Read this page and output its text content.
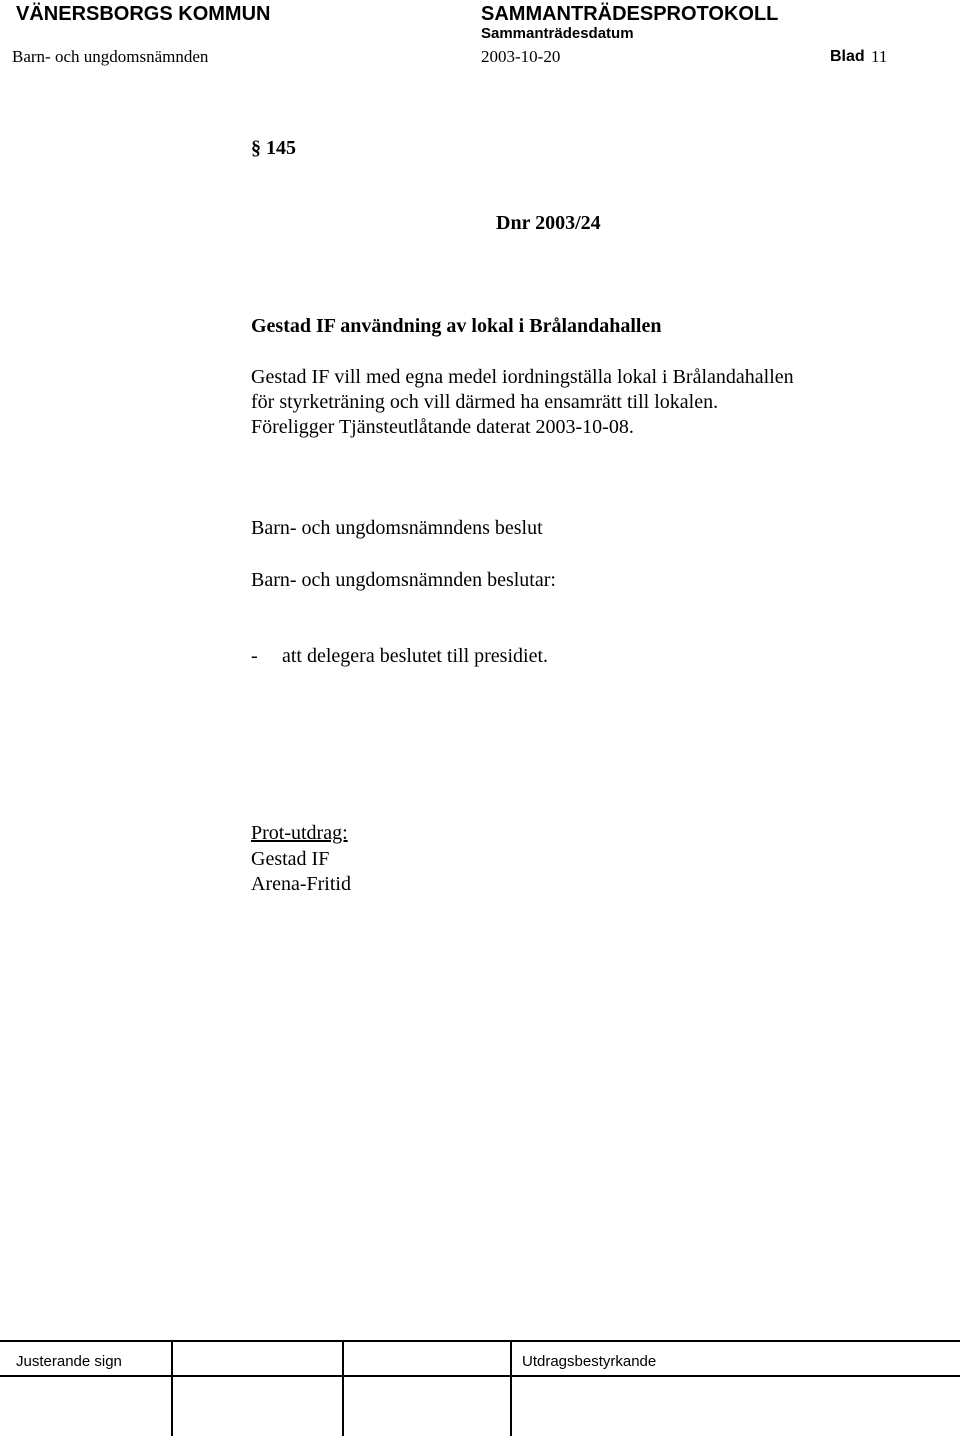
VÄNERSBORGS KOMMUN	SAMMANTRÄDESPROTOKOLL
Sammanträdesdatum
Barn- och ungdomsnämnden	2003-10-20	Blad 11
§ 145
Dnr 2003/24
Gestad IF användning av lokal i Brålandahallen
Gestad IF vill med egna medel iordningställa lokal i Brålandahallen
för styrketräning och vill därmed ha ensamrätt till lokalen.
Föreligger Tjänsteutlåtande daterat 2003-10-08.
Barn- och ungdomsnämndens beslut
Barn- och ungdomsnämnden beslutar:
- att delegera beslutet till presidiet.
Prot-utdrag:
Gestad IF
Arena-Fritid
Justerande sign	Utdragsbestyrkande
